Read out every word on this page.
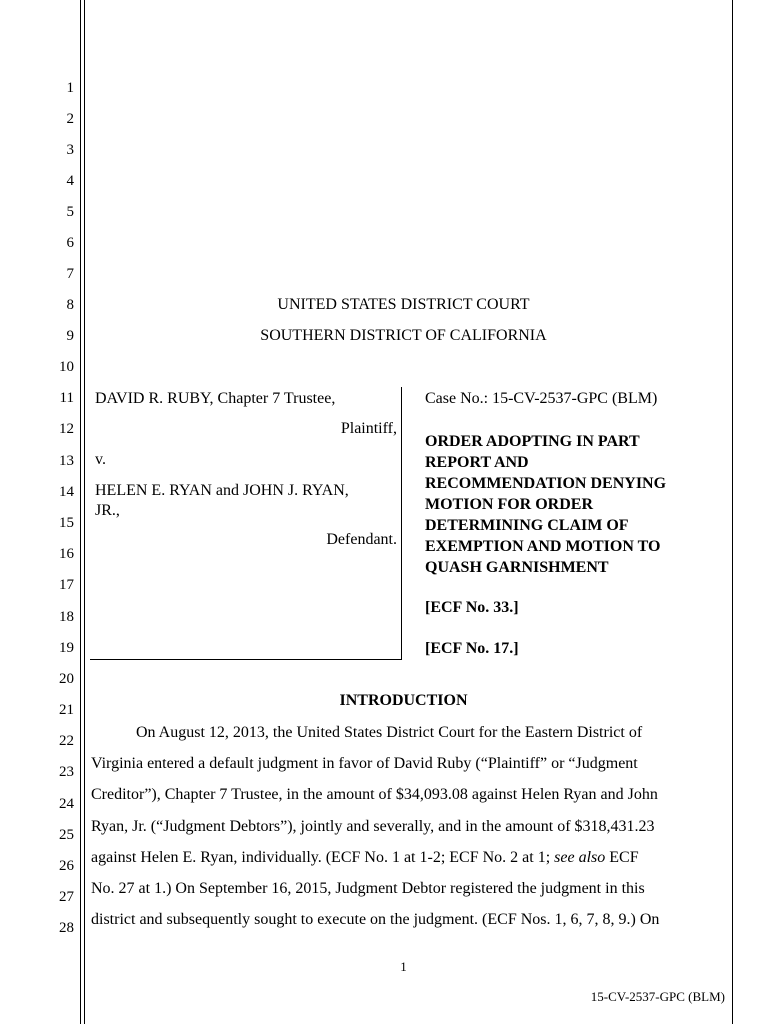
1
2
3
4
5
6
7
8
9
10
11
12
13
14
15
16
17
18
19
20
21
22
23
24
25
26
27
28
UNITED STATES DISTRICT COURT
SOUTHERN DISTRICT OF CALIFORNIA
DAVID R. RUBY, Chapter 7 Trustee,
Plaintiff,
v.
HELEN E. RYAN and JOHN J. RYAN,
JR.,
Defendant.
Case No.: 15-CV-2537-GPC (BLM)
ORDER ADOPTING IN PART
REPORT AND
RECOMMENDATION DENYING
MOTION FOR ORDER
DETERMINING CLAIM OF
EXEMPTION AND MOTION TO
QUASH GARNISHMENT
[ECF No. 33.]
[ECF No. 17.]
INTRODUCTION
On August 12, 2013, the United States District Court for the Eastern District of
Virginia entered a default judgment in favor of David Ruby (“Plaintiff” or “Judgment
Creditor”), Chapter 7 Trustee, in the amount of $34,093.08 against Helen Ryan and John
Ryan, Jr. (“Judgment Debtors”), jointly and severally, and in the amount of $318,431.23
against Helen E. Ryan, individually. (ECF No. 1 at 1-2; ECF No. 2 at 1; see also ECF
No. 27 at 1.) On September 16, 2015, Judgment Debtor registered the judgment in this
district and subsequently sought to execute on the judgment. (ECF Nos. 1, 6, 7, 8, 9.) On
1
15-CV-2537-GPC (BLM)
